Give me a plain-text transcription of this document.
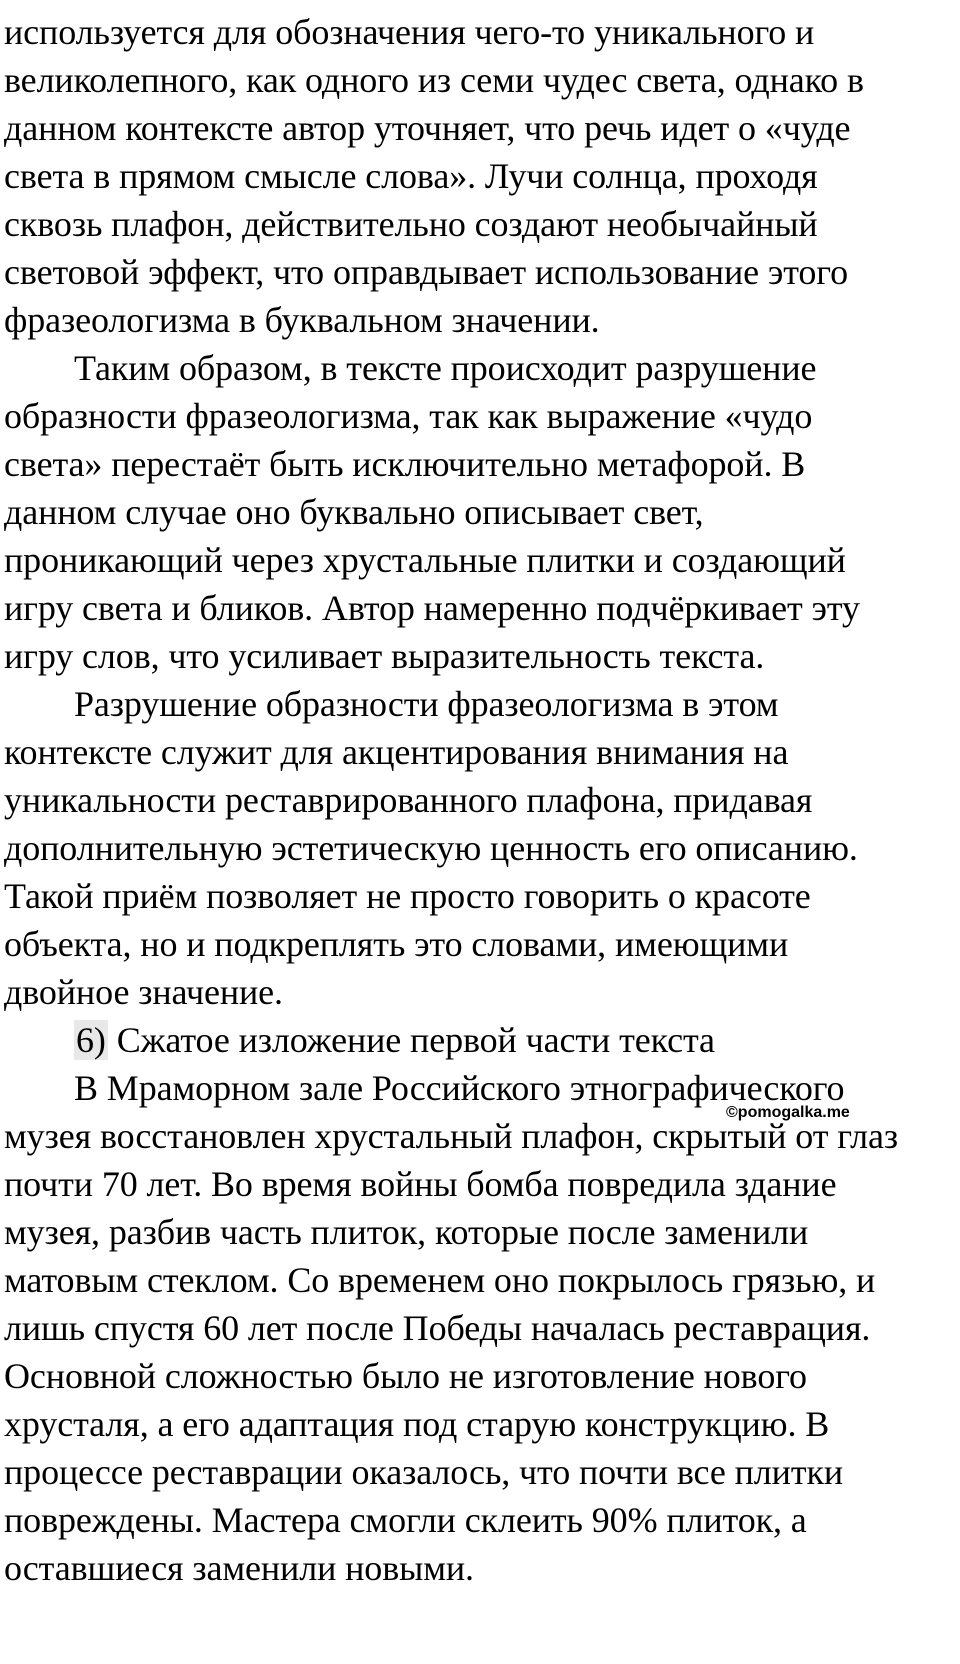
используется для обозначения чего-то уникального и
великолепного, как одного из семи чудес света, однако в
данном контексте автор уточняет, что речь идет о «чуде
света в прямом смысле слова». Лучи солнца, проходя
сквозь плафон, действительно создают необычайный
световой эффект, что оправдывает использование этого
фразеологизма в буквальном значении.
Таким образом, в тексте происходит разрушение
образности фразеологизма, так как выражение «чудо
света» перестаёт быть исключительно метафорой. В
данном случае оно буквально описывает свет,
проникающий через хрустальные плитки и создающий
игру света и бликов. Автор намеренно подчёркивает эту
игру слов, что усиливает выразительность текста.
Разрушение образности фразеологизма в этом
контексте служит для акцентирования внимания на
уникальности реставрированного плафона, придавая
дополнительную эстетическую ценность его описанию.
Такой приём позволяет не просто говорить о красоте
объекта, но и подкреплять это словами, имеющими
двойное значение.
6) Сжатое изложение первой части текста
©pomogalka.me
В Мраморном зале Российского этнографического
музея восстановлен хрустальный плафон, скрытый от глаз
почти 70 лет. Во время войны бомба повредила здание
музея, разбив часть плиток, которые после заменили
матовым стеклом. Со временем оно покрылось грязью, и
лишь спустя 60 лет после Победы началась реставрация.
Основной сложностью было не изготовление нового
хрусталя, а его адаптация под старую конструкцию. В
процессе реставрации оказалось, что почти все плитки
повреждены. Мастера смогли склеить 90% плиток, а
оставшиеся заменили новыми.
